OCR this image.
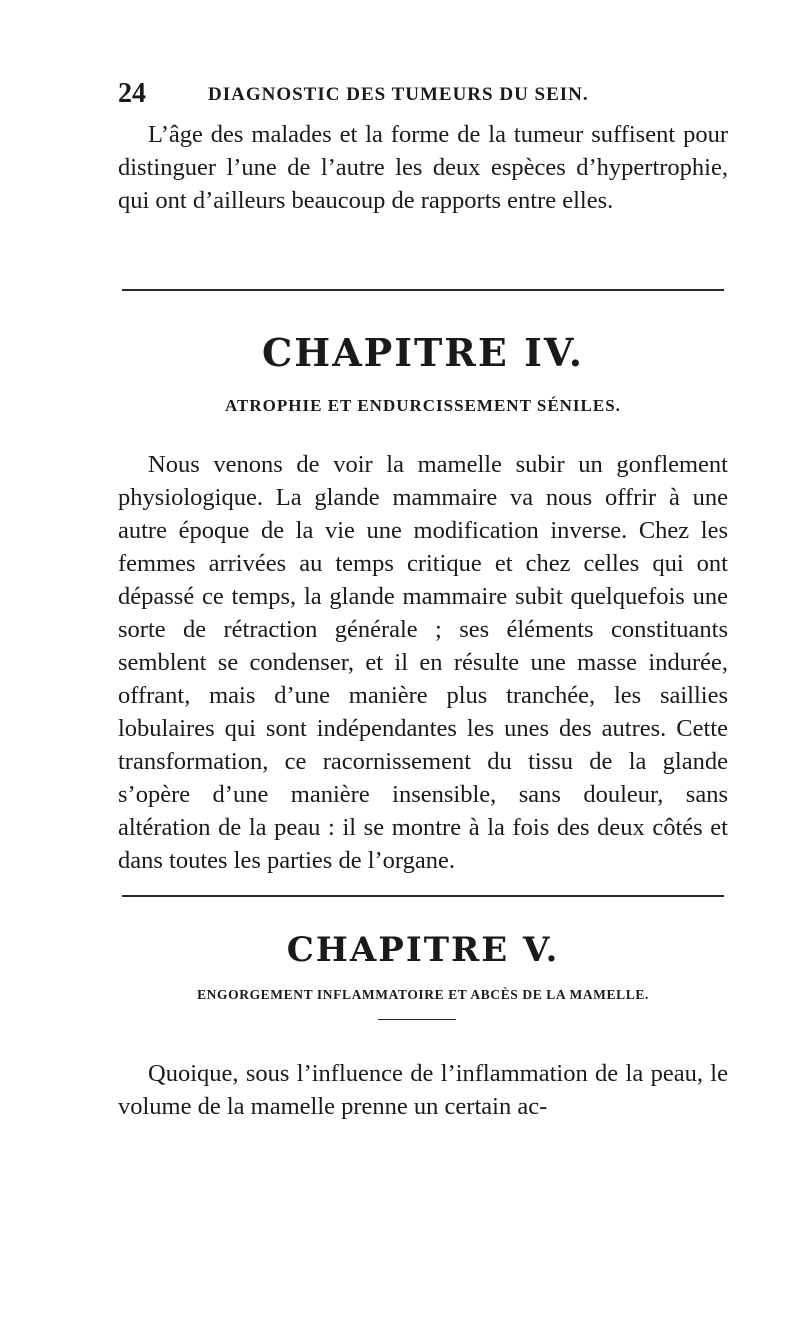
24	DIAGNOSTIC DES TUMEURS DU SEIN.

L’âge des malades et la forme de la tumeur suffisent pour distinguer l’une de l’autre les deux espèces d’hypertrophie, qui ont d’ailleurs beaucoup de rapports entre elles.

CHAPITRE IV.
ATROPHIE ET ENDURCISSEMENT SÉNILES.

Nous venons de voir la mamelle subir un gonflement physiologique. La glande mammaire va nous offrir à une autre époque de la vie une modification inverse. Chez les femmes arrivées au temps critique et chez celles qui ont dépassé ce temps, la glande mammaire subit quelquefois une sorte de rétraction générale ; ses éléments constituants semblent se condenser, et il en résulte une masse indurée, offrant, mais d’une manière plus tranchée, les saillies lobulaires qui sont indépendantes les unes des autres. Cette transformation, ce racornissement du tissu de la glande s’opère d’une manière insensible, sans douleur, sans altération de la peau : il se montre à la fois des deux côtés et dans toutes les parties de l’organe.

CHAPITRE V.
ENGORGEMENT INFLAMMATOIRE ET ABCÈS DE LA MAMELLE.

Quoique, sous l’influence de l’inflammation de la peau, le volume de la mamelle prenne un certain ac-
